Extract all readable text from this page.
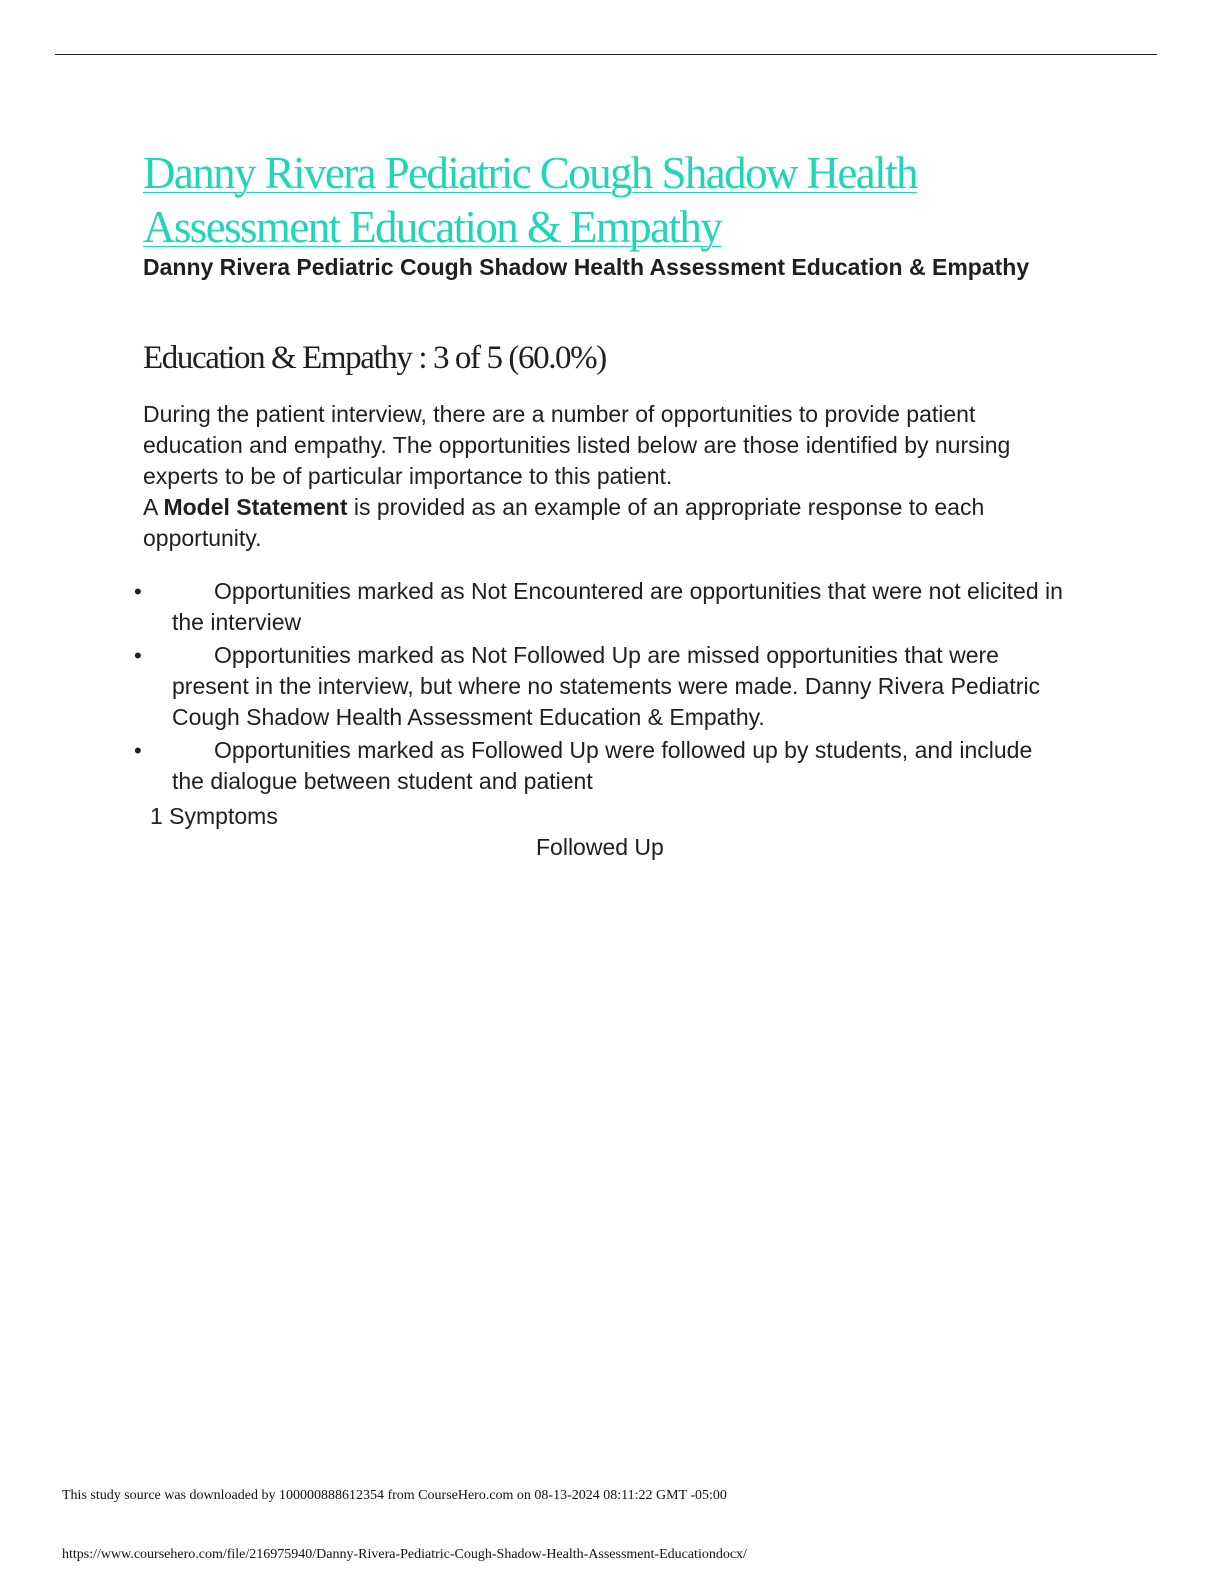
Danny Rivera Pediatric Cough Shadow Health Assessment Education & Empathy
Danny Rivera Pediatric Cough Shadow Health Assessment Education & Empathy
Education & Empathy : 3 of 5 (60.0%)

During the patient interview, there are a number of opportunities to provide patient education and empathy. The opportunities listed below are those identified by nursing experts to be of particular importance to this patient.

A Model Statement is provided as an example of an appropriate response to each opportunity.

•	Opportunities marked as Not Encountered are opportunities that were not elicited in the interview
•	Opportunities marked as Not Followed Up are missed opportunities that were present in the interview, but where no statements were made. Danny Rivera Pediatric Cough Shadow Health Assessment Education & Empathy.
•	Opportunities marked as Followed Up were followed up by students, and include the dialogue between student and patient
1 Symptoms
Followed Up
This study source was downloaded by 100000888612354 from CourseHero.com on 08-13-2024 08:11:22 GMT -05:00
https://www.coursehero.com/file/216975940/Danny-Rivera-Pediatric-Cough-Shadow-Health-Assessment-Educationdocx/
